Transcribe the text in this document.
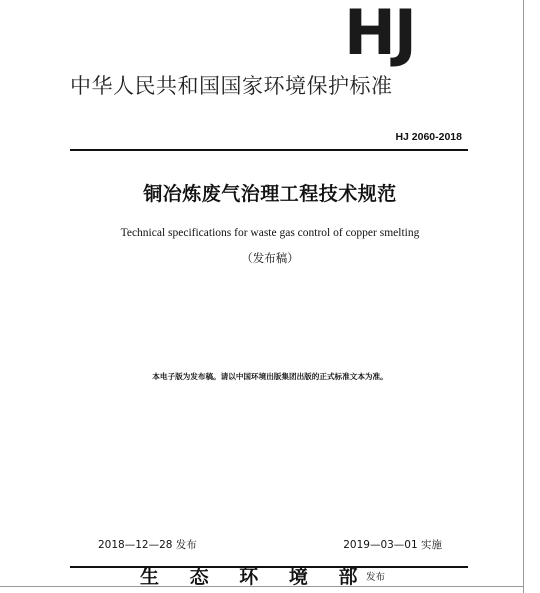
HJ
中华人民共和国国家环境保护标准
HJ 2060-2018
铜冶炼废气治理工程技术规范
Technical specifications for waste gas control of copper smelting
（发布稿）
本电子版为发布稿。请以中国环境出版集团出版的正式标准文本为准。
2018—12—28 发布	2019—03—01 实施
生 态 环 境 部
发布
